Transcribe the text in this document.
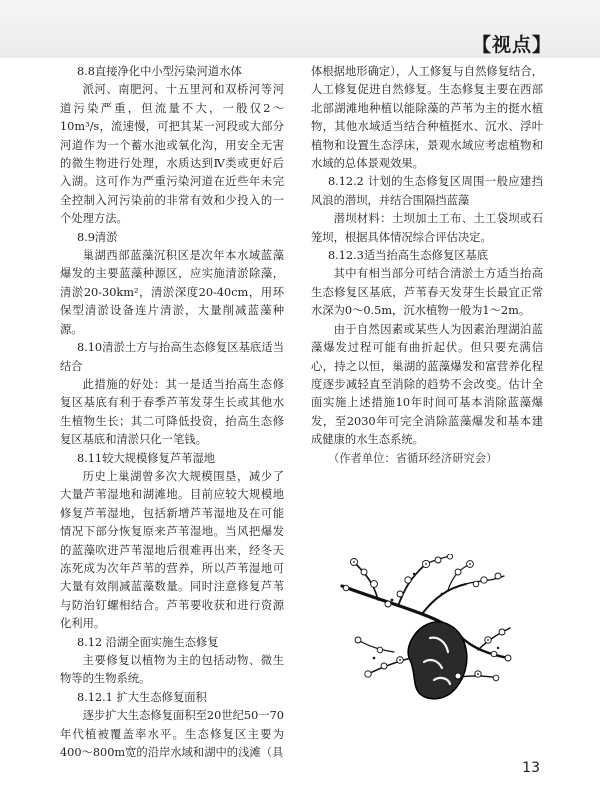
【视点】

8.8直接净化中小型污染河道水体

派河、南肥河、十五里河和双桥河等河道污染严重，但流量不大，一般仅2～10m³/s，流速慢，可把其某一河段或大部分河道作为一个蓄水池或氧化沟，用安全无害的微生物进行处理，水质达到Ⅳ类或更好后入湖。这可作为严重污染河道在近些年未完全控制入河污染前的非常有效和少投入的一个处理方法。

8.9清淤

巢湖西部蓝藻沉积区是次年本水域蓝藻爆发的主要蓝藻种源区，应实施清淤除藻，清淤20-30km²，清淤深度20-40cm，用环保型清淤设备连片清淤，大量削减蓝藻种源。

8.10清淤土方与抬高生态修复区基底适当结合

此措施的好处：其一是适当抬高生态修复区基底有利于春季芦苇发芽生长或其他水生植物生长；其二可降低投资，抬高生态修复区基底和清淤只化一笔钱。

8.11较大规模修复芦苇湿地

历史上巢湖曾多次大规模围垦，减少了大量芦苇湿地和湖滩地。目前应较大规模地修复芦苇湿地，包括新增芦苇湿地及在可能情况下部分恢复原来芦苇湿地。当风把爆发的蓝藻吹进芦苇湿地后很难再出来，经冬天冻死成为次年芦苇的营养，所以芦苇湿地可大量有效削减蓝藻数量。同时注意修复芦苇与防治钉螺相结合。芦苇要收获和进行资源化利用。

8.12 沿湖全面实施生态修复

主要修复以植物为主的包括动物、微生物等的生物系统。

8.12.1 扩大生态修复面积

逐步扩大生态修复面积至20世纪50一70年代植被覆盖率水平。生态修复区主要为400～800m宽的沿岸水域和湖中的浅滩（具

体根据地形确定），人工修复与自然修复结合，人工修复促进自然修复。生态修复主要在西部北部湖滩地种植以能除藻的芦苇为主的挺水植物，其他水域适当结合种植挺水、沉水、浮叶植物和设置生态浮床，景观水域应考虑植物和水域的总体景观效果。

8.12.2 计划的生态修复区周围一般应建挡风浪的潜坝，并结合围隔挡蓝藻

潜坝材料：土坝加土工布、土工袋坝或石笼坝，根据具体情况综合评估决定。

8.12.3适当抬高生态修复区基底

其中有相当部分可结合清淤土方适当抬高生态修复区基底，芦苇春天发芽生长最宜正常水深为0～0.5m，沉水植物一般为1～2m。

由于自然因素或某些人为因素治理湖泊蓝藻爆发过程可能有曲折起伏。但只要充满信心，持之以恒，巢湖的蓝藻爆发和富营养化程度逐步减轻直至消除的趋势不会改变。估计全面实施上述措施10年时间可基本消除蓝藻爆发，至2030年可完全消除蓝藻爆发和基本建成健康的水生态系统。

（作者单位：省循环经济研究会）

13
